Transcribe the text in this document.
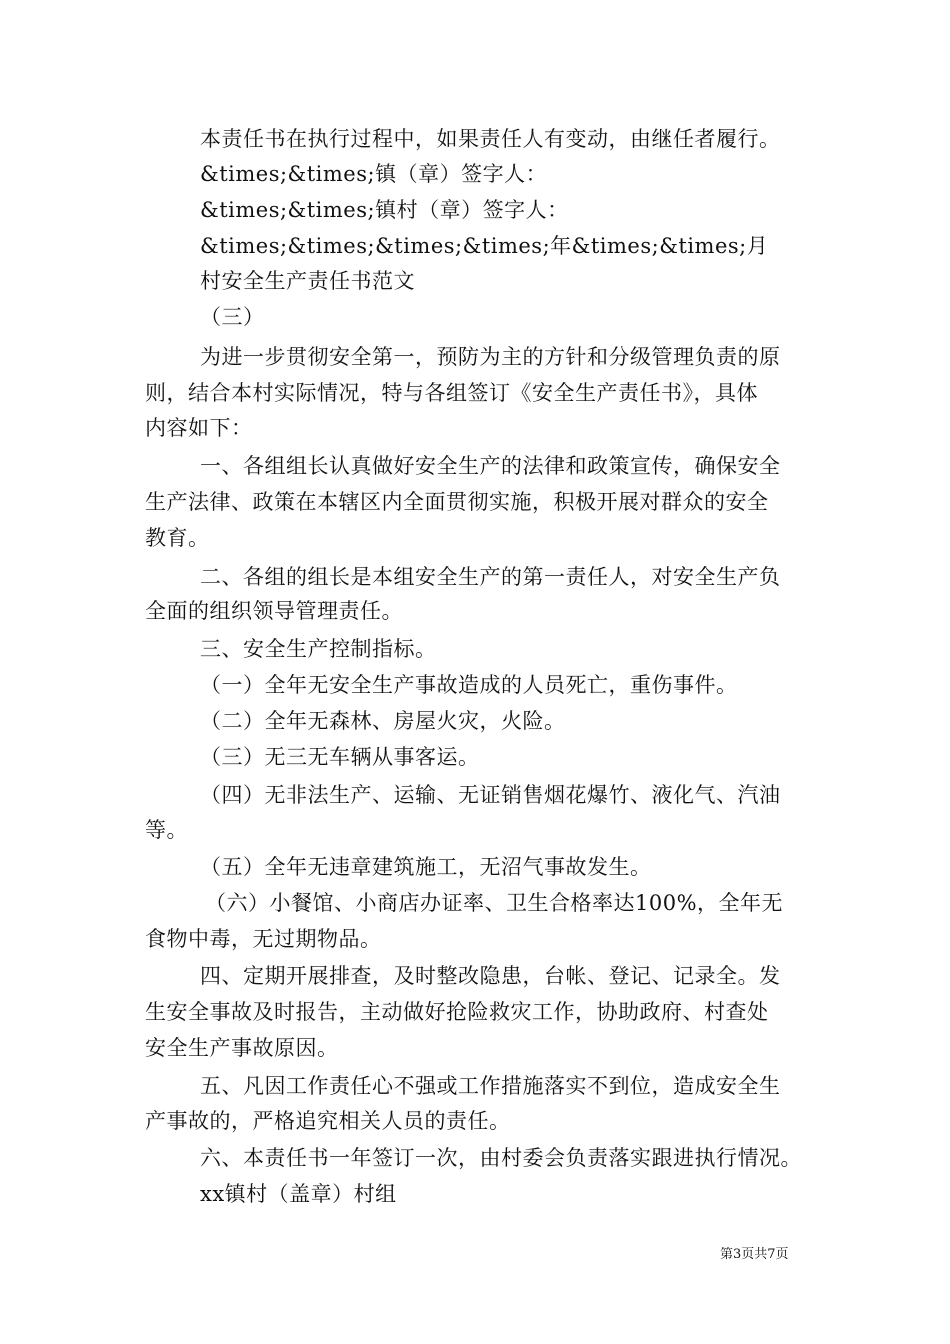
本责任书在执行过程中，如果责任人有变动，由继任者履行。
&times;&times;镇（章）签字人：
&times;&times;镇村（章）签字人：
&times;&times;&times;&times;年&times;&times;月
村安全生产责任书范文
（三）
为进一步贯彻安全第一，预防为主的方针和分级管理负责的原
则，结合本村实际情况，特与各组签订《安全生产责任书》，具体
内容如下：
一、各组组长认真做好安全生产的法律和政策宣传，确保安全
生产法律、政策在本辖区内全面贯彻实施，积极开展对群众的安全
教育。
二、各组的组长是本组安全生产的第一责任人，对安全生产负
全面的组织领导管理责任。
三、安全生产控制指标。
（一）全年无安全生产事故造成的人员死亡，重伤事件。
（二）全年无森林、房屋火灾，火险。
（三）无三无车辆从事客运。
（四）无非法生产、运输、无证销售烟花爆竹、液化气、汽油
等。
（五）全年无违章建筑施工，无沼气事故发生。
（六）小餐馆、小商店办证率、卫生合格率达100%，全年无
食物中毒，无过期物品。
四、定期开展排查，及时整改隐患，台帐、登记、记录全。发
生安全事故及时报告，主动做好抢险救灾工作，协助政府、村查处
安全生产事故原因。
五、凡因工作责任心不强或工作措施落实不到位，造成安全生
产事故的，严格追究相关人员的责任。
六、本责任书一年签订一次，由村委会负责落实跟进执行情况。
xx镇村（盖章）村组
第3页共7页
